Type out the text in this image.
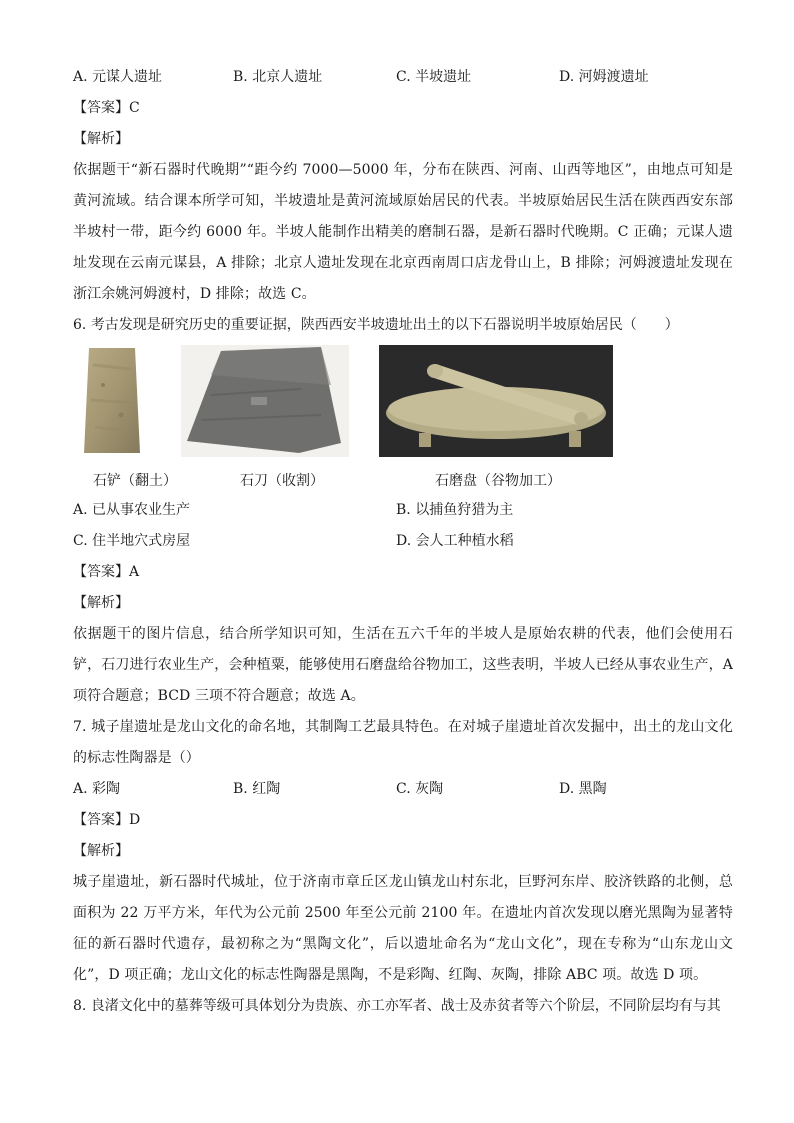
A. 元谋人遗址	B. 北京人遗址	C. 半坡遗址	D. 河姆渡遗址
【答案】C
【解析】

依据题干“新石器时代晚期”“距今约 7000—5000 年，分布在陕西、河南、山西等地区”，由地点可知是黄河流域。结合课本所学可知，半坡遗址是黄河流域原始居民的代表。半坡原始居民生活在陕西西安东部半坡村一带，距今约 6000 年。半坡人能制作出精美的磨制石器，是新石器时代晚期。C 正确；元谋人遗址发现在云南元谋县，A 排除；北京人遗址发现在北京西南周口店龙骨山上，B 排除；河姆渡遗址发现在浙江余姚河姆渡村，D 排除；故选 C。

6. 考古发现是研究历史的重要证据，陕西西安半坡遗址出土的以下石器说明半坡原始居民（　　）
石铲（翻土）	石刀（收割）	石磨盘（谷物加工）
A. 已从事农业生产	B. 以捕鱼狩猎为主
C. 住半地穴式房屋	D. 会人工种植水稻
【答案】A
【解析】

依据题干的图片信息，结合所学知识可知，生活在五六千年的半坡人是原始农耕的代表，他们会使用石铲，石刀进行农业生产，会种植粟，能够使用石磨盘给谷物加工，这些表明，半坡人已经从事农业生产，A 项符合题意；BCD 三项不符合题意；故选 A。

7. 城子崖遗址是龙山文化的命名地，其制陶工艺最具特色。在对城子崖遗址首次发掘中，出土的龙山文化的标志性陶器是（）

A. 彩陶	B. 红陶	C. 灰陶	D. 黑陶
【答案】D
【解析】

城子崖遗址，新石器时代城址，位于济南市章丘区龙山镇龙山村东北，巨野河东岸、胶济铁路的北侧，总面积为 22 万平方米，年代为公元前 2500 年至公元前 2100 年。在遗址内首次发现以磨光黑陶为显著特征的新石器时代遗存，最初称之为“黑陶文化”，后以遗址命名为“龙山文化”，现在专称为“山东龙山文化”，D 项正确；龙山文化的标志性陶器是黑陶，不是彩陶、红陶、灰陶，排除 ABC 项。故选 D 项。

8. 良渚文化中的墓葬等级可具体划分为贵族、亦工亦军者、战士及赤贫者等六个阶层，不同阶层均有与其
